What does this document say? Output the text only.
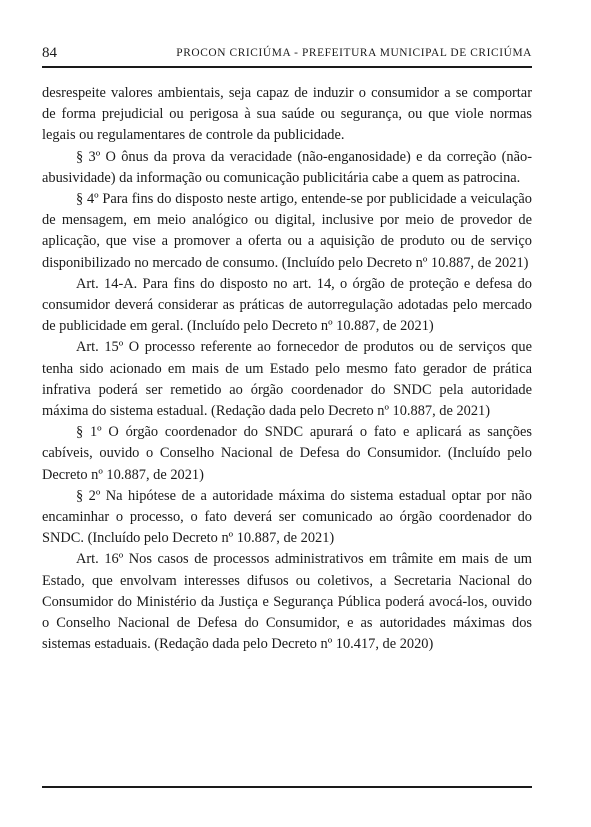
84	PROCON CRICIÚMA - PREFEITURA MUNICIPAL DE CRICIÚMA

desrespeite valores ambientais, seja capaz de induzir o consumidor a se comportar de forma prejudicial ou perigosa à sua saúde ou segurança, ou que viole normas legais ou regulamentares de controle da publicidade.

§ 3º O ônus da prova da veracidade (não-enganosidade) e da correção (não-abusividade) da informação ou comunicação publicitária cabe a quem as patrocina.

§ 4º Para fins do disposto neste artigo, entende-se por publicidade a veiculação de mensagem, em meio analógico ou digital, inclusive por meio de provedor de aplicação, que vise a promover a oferta ou a aquisição de produto ou de serviço disponibilizado no mercado de consumo. (Incluído pelo Decreto nº 10.887, de 2021)

Art. 14-A. Para fins do disposto no art. 14, o órgão de proteção e defesa do consumidor deverá considerar as práticas de autorregulação adotadas pelo mercado de publicidade em geral. (Incluído pelo Decreto nº 10.887, de 2021)

Art. 15º O processo referente ao fornecedor de produtos ou de serviços que tenha sido acionado em mais de um Estado pelo mesmo fato gerador de prática infrativa poderá ser remetido ao órgão coordenador do SNDC pela autoridade máxima do sistema estadual. (Redação dada pelo Decreto nº 10.887, de 2021)

§ 1º O órgão coordenador do SNDC apurará o fato e aplicará as sanções cabíveis, ouvido o Conselho Nacional de Defesa do Consumidor. (Incluído pelo Decreto nº 10.887, de 2021)

§ 2º Na hipótese de a autoridade máxima do sistema estadual optar por não encaminhar o processo, o fato deverá ser comunicado ao órgão coordenador do SNDC. (Incluído pelo Decreto nº 10.887, de 2021)

Art. 16º Nos casos de processos administrativos em trâmite em mais de um Estado, que envolvam interesses difusos ou coletivos, a Secretaria Nacional do Consumidor do Ministério da Justiça e Segurança Pública poderá avocá-los, ouvido o Conselho Nacional de Defesa do Consumidor, e as autoridades máximas dos sistemas estaduais. (Redação dada pelo Decreto nº 10.417, de 2020)
